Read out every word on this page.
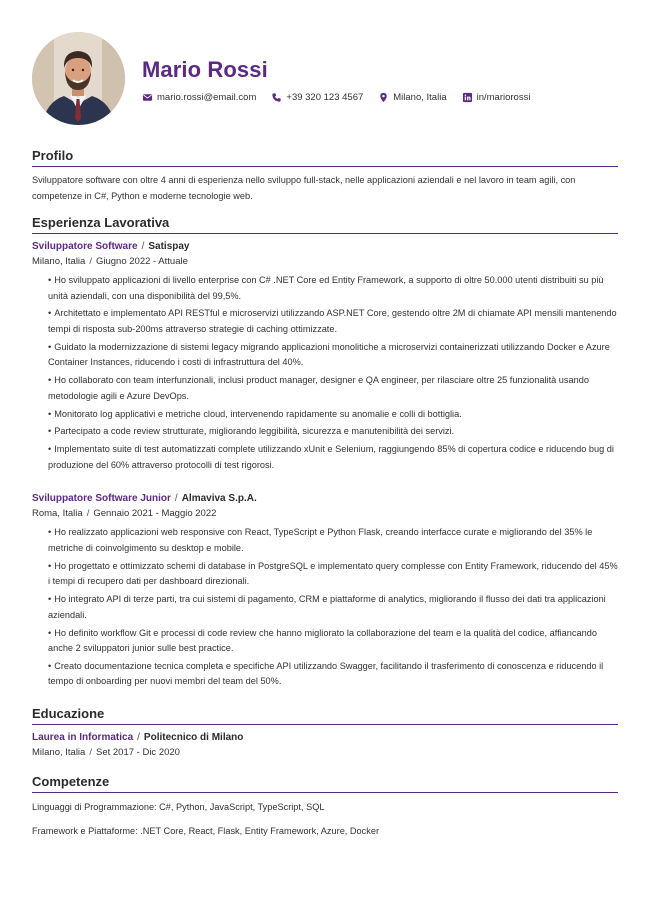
Mario Rossi
mario.rossi@email.com	+39 320 123 4567	Milano, Italia	in/mariorossi
Profilo
Sviluppatore software con oltre 4 anni di esperienza nello sviluppo full-stack, nelle applicazioni aziendali e nel lavoro in team agili, con competenze in C#, Python e moderne tecnologie web.
Esperienza Lavorativa
Sviluppatore Software / Satispay
Milano, Italia / Giugno 2022 - Attuale
• Ho sviluppato applicazioni di livello enterprise con C# .NET Core ed Entity Framework, a supporto di oltre 50.000 utenti distribuiti su più unità aziendali, con una disponibilità del 99,5%.
• Architettato e implementato API RESTful e microservizi utilizzando ASP.NET Core, gestendo oltre 2M di chiamate API mensili mantenendo tempi di risposta sub-200ms attraverso strategie di caching ottimizzate.
• Guidato la modernizzazione di sistemi legacy migrando applicazioni monolitiche a microservizi containerizzati utilizzando Docker e Azure Container Instances, riducendo i costi di infrastruttura del 40%.
• Ho collaborato con team interfunzionali, inclusi product manager, designer e QA engineer, per rilasciare oltre 25 funzionalità usando metodologie agili e Azure DevOps.
• Monitorato log applicativi e metriche cloud, intervenendo rapidamente su anomalie e colli di bottiglia.
• Partecipato a code review strutturate, migliorando leggibilità, sicurezza e manutenibilità dei servizi.
• Implementato suite di test automatizzati complete utilizzando xUnit e Selenium, raggiungendo 85% di copertura codice e riducendo bug di produzione del 60% attraverso protocolli di test rigorosi.
Sviluppatore Software Junior / Almaviva S.p.A.
Roma, Italia / Gennaio 2021 - Maggio 2022
• Ho realizzato applicazioni web responsive con React, TypeScript e Python Flask, creando interfacce curate e migliorando del 35% le metriche di coinvolgimento su desktop e mobile.
• Ho progettato e ottimizzato schemi di database in PostgreSQL e implementato query complesse con Entity Framework, riducendo del 45% i tempi di recupero dati per dashboard direzionali.
• Ho integrato API di terze parti, tra cui sistemi di pagamento, CRM e piattaforme di analytics, migliorando il flusso dei dati tra applicazioni aziendali.
• Ho definito workflow Git e processi di code review che hanno migliorato la collaborazione del team e la qualità del codice, affiancando anche 2 sviluppatori junior sulle best practice.
• Creato documentazione tecnica completa e specifiche API utilizzando Swagger, facilitando il trasferimento di conoscenza e riducendo il tempo di onboarding per nuovi membri del team del 50%.
Educazione
Laurea in Informatica / Politecnico di Milano
Milano, Italia / Set 2017 - Dic 2020
Competenze
Linguaggi di Programmazione: C#, Python, JavaScript, TypeScript, SQL
Framework e Piattaforme: .NET Core, React, Flask, Entity Framework, Azure, Docker
